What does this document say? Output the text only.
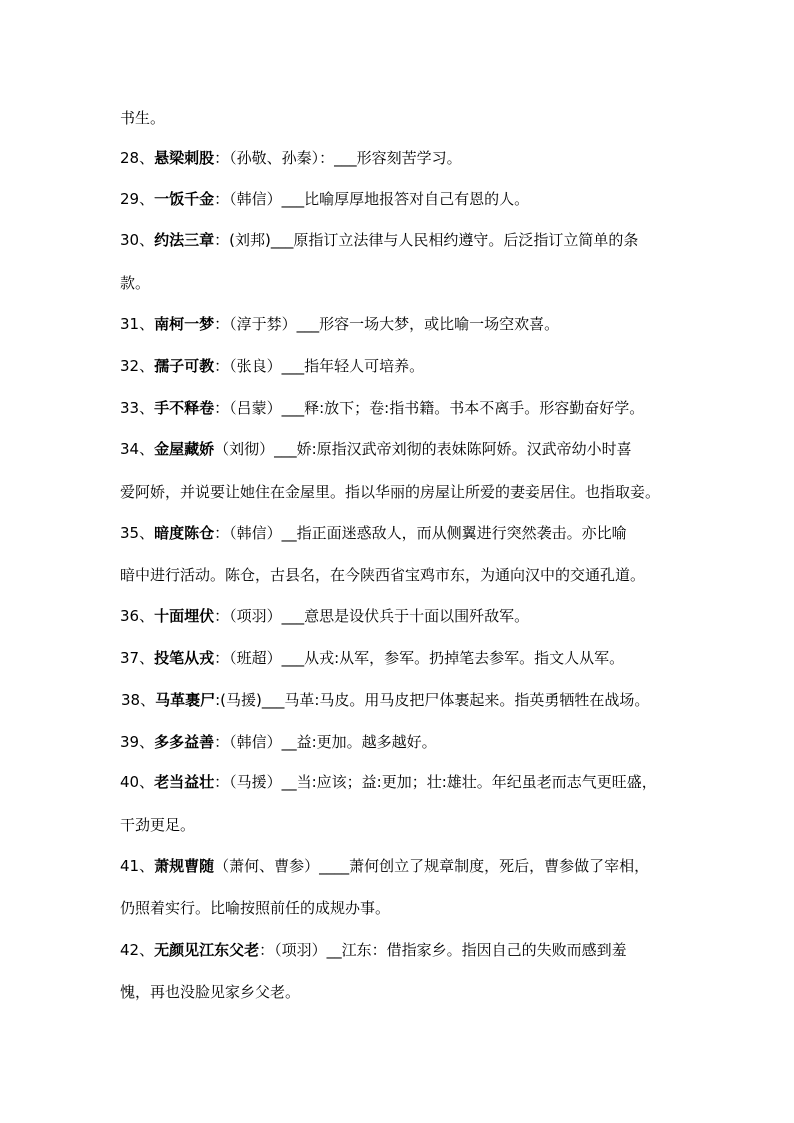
书生。
28、悬梁刺股：（孙敬、孙秦）：___形容刻苦学习。
29、一饭千金：（韩信）___比喻厚厚地报答对自己有恩的人。
30、约法三章：(刘邦)___原指订立法律与人民相约遵守。后泛指订立简单的条
款。
31、南柯一梦：（淳于棼）___形容一场大梦，或比喻一场空欢喜。
32、孺子可教：（张良）___指年轻人可培养。
33、手不释卷：（吕蒙）___释:放下；卷:指书籍。书本不离手。形容勤奋好学。
34、金屋藏娇（刘彻）___娇:原指汉武帝刘彻的表妹陈阿娇。汉武帝幼小时喜
爱阿娇，并说要让她住在金屋里。指以华丽的房屋让所爱的妻妾居住。也指取妾。
35、暗度陈仓：（韩信）__指正面迷惑敌人，而从侧翼进行突然袭击。亦比喻
暗中进行活动。陈仓，古县名，在今陕西省宝鸡市东，为通向汉中的交通孔道。
36、十面埋伏：（项羽）___意思是设伏兵于十面以围歼敌军。
37、投笔从戎：（班超）___从戎:从军，参军。扔掉笔去参军。指文人从军。
38、马革裹尸:(马援)___马革:马皮。用马皮把尸体裹起来。指英勇牺牲在战场。
39、多多益善：（韩信）__益:更加。越多越好。
40、老当益壮：（马援）__当:应该；益:更加；壮:雄壮。年纪虽老而志气更旺盛，
干劲更足。
41、萧规曹随（萧何、曹参）____萧何创立了规章制度，死后，曹参做了宰相，
仍照着实行。比喻按照前任的成规办事。
42、无颜见江东父老：（项羽）__江东：借指家乡。指因自己的失败而感到羞
愧，再也没脸见家乡父老。
